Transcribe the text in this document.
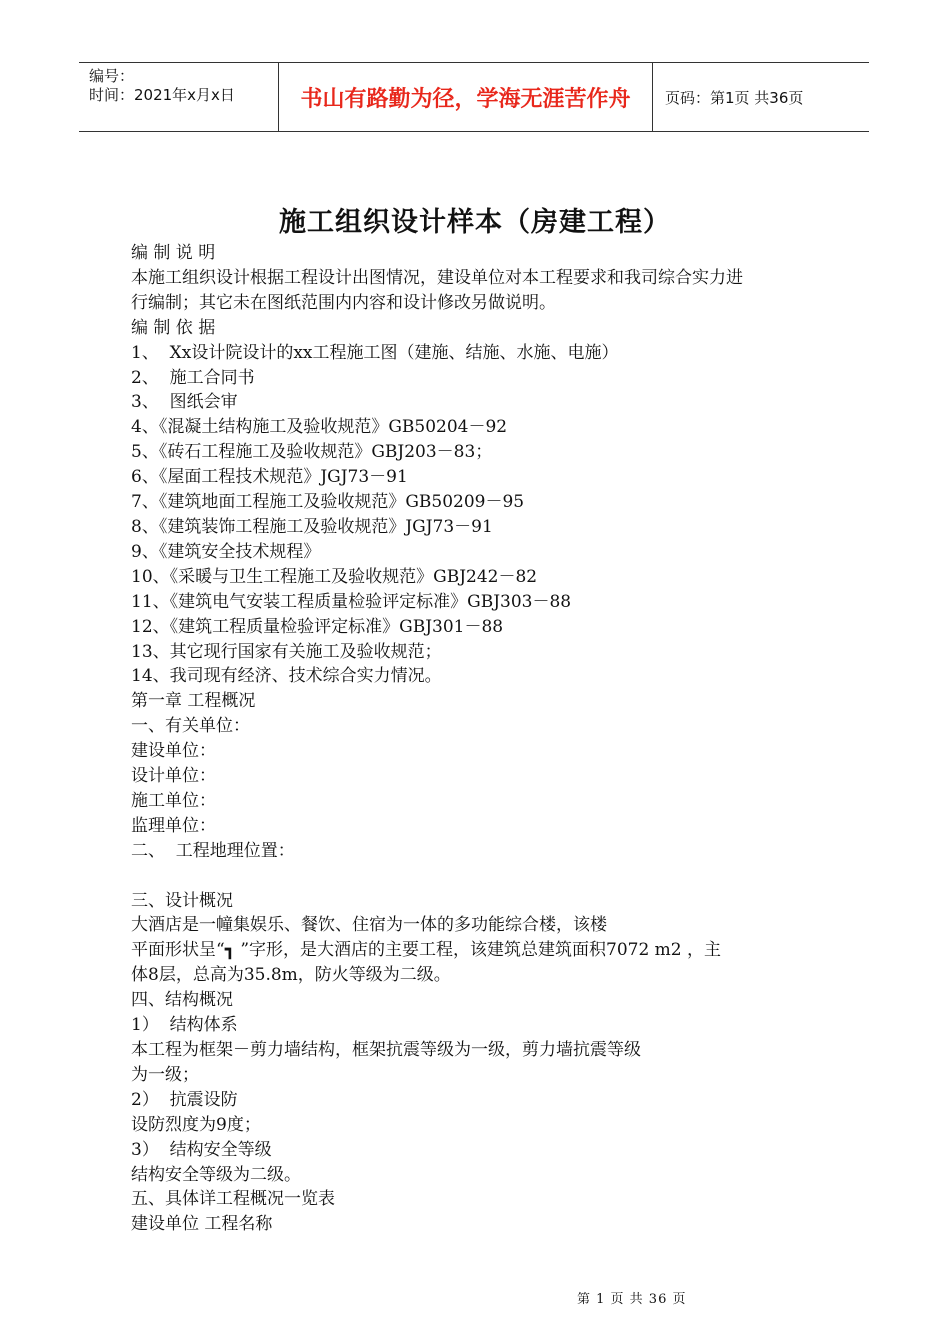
编号：
时间：2021年x月x日	书山有路勤为径，学海无涯苦作舟	页码：第1页 共36页
施工组织设计样本（房建工程）
编 制 说 明
本施工组织设计根据工程设计出图情况，建设单位对本工程要求和我司综合实力进
行编制；其它未在图纸范围内内容和设计修改另做说明。
编 制 依 据
1、  Xx设计院设计的xx工程施工图（建施、结施、水施、电施）
2、  施工合同书
3、  图纸会审
4、《混凝土结构施工及验收规范》GB50204－92
5、《砖石工程施工及验收规范》GBJ203－83；
6、《屋面工程技术规范》JGJ73－91
7、《建筑地面工程施工及验收规范》GB50209－95
8、《建筑装饰工程施工及验收规范》JGJ73－91
9、《建筑安全技术规程》
10、《采暖与卫生工程施工及验收规范》GBJ242－82
11、《建筑电气安装工程质量检验评定标准》GBJ303－88
12、《建筑工程质量检验评定标准》GBJ301－88
13、其它现行国家有关施工及验收规范；
14、我司现有经济、技术综合实力情况。
第一章 工程概况
一、有关单位：
建设单位：
设计单位：
施工单位：
监理单位：
二、  工程地理位置：

三、设计概况
大酒店是一幢集娱乐、餐饮、住宿为一体的多功能综合楼，该楼
平面形状呈“┓ ”字形，是大酒店的主要工程，该建筑总建筑面积7072 m2 ，主
体8层，总高为35.8m，防火等级为二级。
四、结构概况
1）  结构体系
本工程为框架－剪力墙结构，框架抗震等级为一级，剪力墙抗震等级
为一级；
2）  抗震设防
设防烈度为9度；
3）  结构安全等级
结构安全等级为二级。
五、具体详工程概况一览表
建设单位 工程名称
第 1 页 共 36 页
